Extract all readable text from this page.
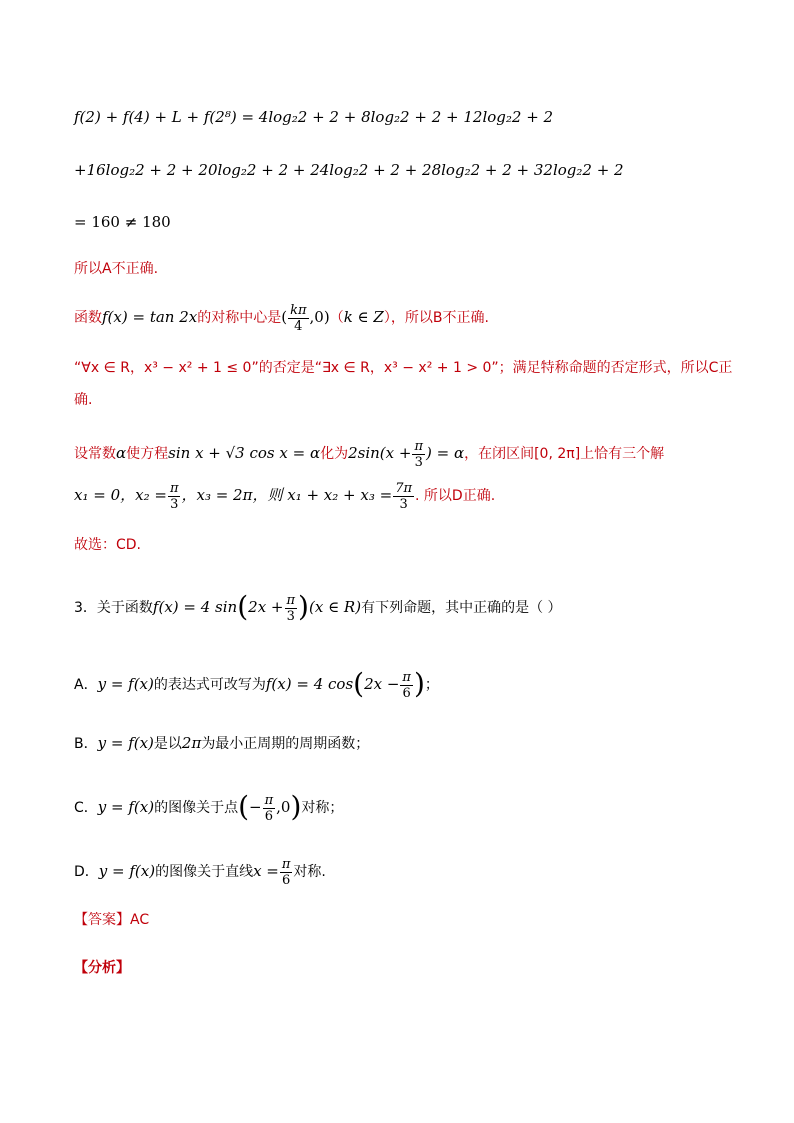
f(2) + f(4) + L + f(2⁸) = 4log₂2 + 2 + 8log₂2 + 2 + 12log₂2 + 2
+16log₂2 + 2 + 20log₂2 + 2 + 24log₂2 + 2 + 28log₂2 + 2 + 32log₂2 + 2
= 160 ≠ 180
所以A不正确.
函数f(x) = tan 2x的对称中心是( $\frac{k\pi}{4} ,0)(k$ ∈ Z），所以B不正确.
“∀x ∈ R，x³ − x² + 1 ≤ 0”的否定是“∃x ∈ R，x³ − x² + 1 > 0”；满足特称命题的否定形式，所以C正
确.
设常数α使方程sin x + √3 cos x = α化为$2\sin(x + \frac{\pi}{3}$ ) = α，在闭区间[0, 2π]上恰有三个解
x₁ = 0，$x_2 = \frac{\pi}{3}$ ，x₃ = 2π，则 $x_1 + x_2 + x_3 = \frac{7\pi}{3}$ . 所以D正确.
故选：CD.
3．关于函数f(x) = 4 $\sin(2x + \frac{\pi}{3} )(x$ ∈ R)有下列命题，其中正确的是（ ）
A．y = f(x)的表达式可改写为f(x) = 4 $\cos(2x - \frac{\pi}{6}$ )；
B．y = f(x)是以2π为最小正周期的周期函数；
C．y = f(x)的图像关于点(− $\frac{\pi}{6} ,0$)对称；
D．y = f(x)的图像关于直线$x = \frac{\pi}{6}$ 对称.
【答案】AC
【分析】
